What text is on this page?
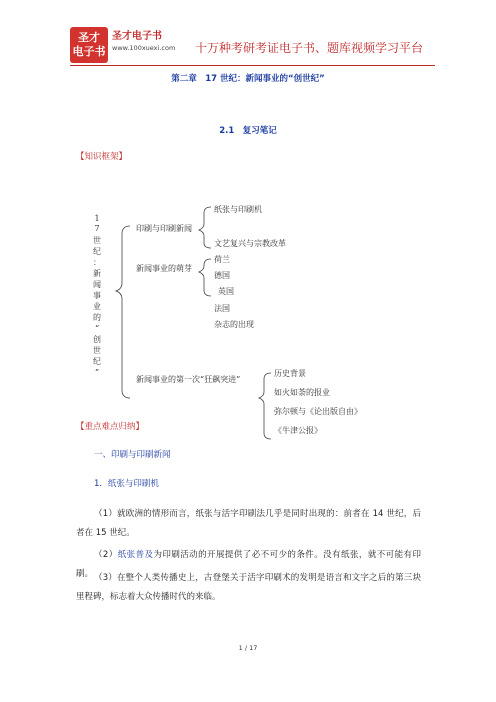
圣才
电子书
圣才电子书
www.100xuexi.com 十万种考研考证电子书、题库视频学习平台
第二章　17 世纪：新闻事业的“创世纪”
2.1　复习笔记
【知识框架】
1
7
世
纪
：
新
闻
事
业
的
“
创
世
纪
”
印刷与印刷新闻
新闻事业的萌芽
新闻事业的第一次“狂飙突进”
纸张与印刷机
文艺复兴与宗教改革
荷兰
德国
英国
法国
杂志的出现
历史背景
如火如荼的报业
弥尔顿与《论出版自由》
《牛津公报》
【重点难点归纳】
一、印刷与印刷新闻
1．纸张与印刷机
（1）就欧洲的情形而言，纸张与活字印刷法几乎是同时出现的：前者在 14 世纪，后者在 15 世纪。
（2）纸张普及为印刷活动的开展提供了必不可少的条件。没有纸张，就不可能有印刷。 （3）在整个人类传播史上，古登堡关于活字印刷术的发明是语言和文字之后的第三块里程碑，标志着大众传播时代的来临。
1 / 17
